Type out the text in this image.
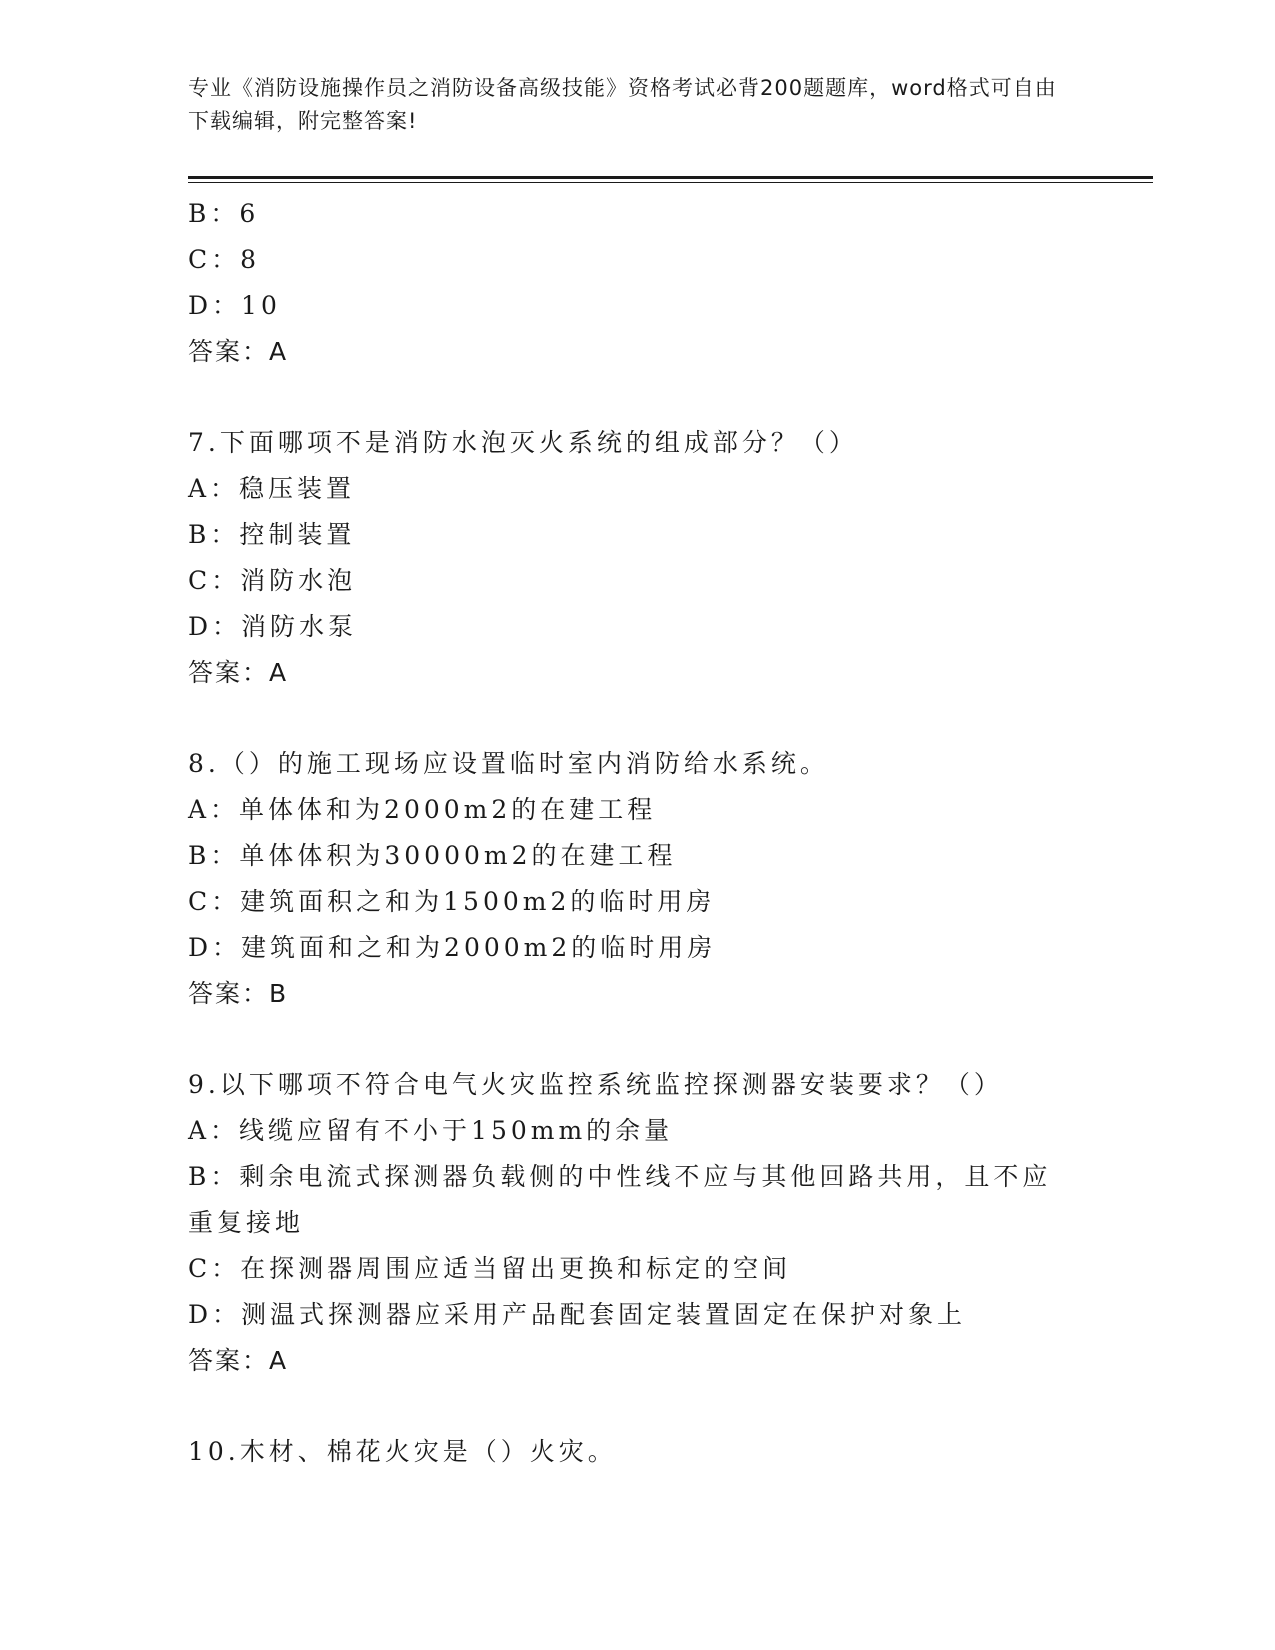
专业《消防设施操作员之消防设备高级技能》资格考试必背200题题库，word格式可自由下载编辑，附完整答案!
B：6
C：8
D：10
答案：A
7.下面哪项不是消防水泡灭火系统的组成部分？（）
A：稳压装置
B：控制装置
C：消防水泡
D：消防水泵
答案：A
8.（）的施工现场应设置临时室内消防给水系统。
A：单体体和为2000m2的在建工程
B：单体体积为30000m2的在建工程
C：建筑面积之和为1500m2的临时用房
D：建筑面和之和为2000m2的临时用房
答案：B
9.以下哪项不符合电气火灾监控系统监控探测器安装要求？（）
A：线缆应留有不小于150mm的余量
B：剩余电流式探测器负载侧的中性线不应与其他回路共用，且不应重复接地
C：在探测器周围应适当留出更换和标定的空间
D：测温式探测器应采用产品配套固定装置固定在保护对象上
答案：A
10.木材、棉花火灾是（）火灾。
